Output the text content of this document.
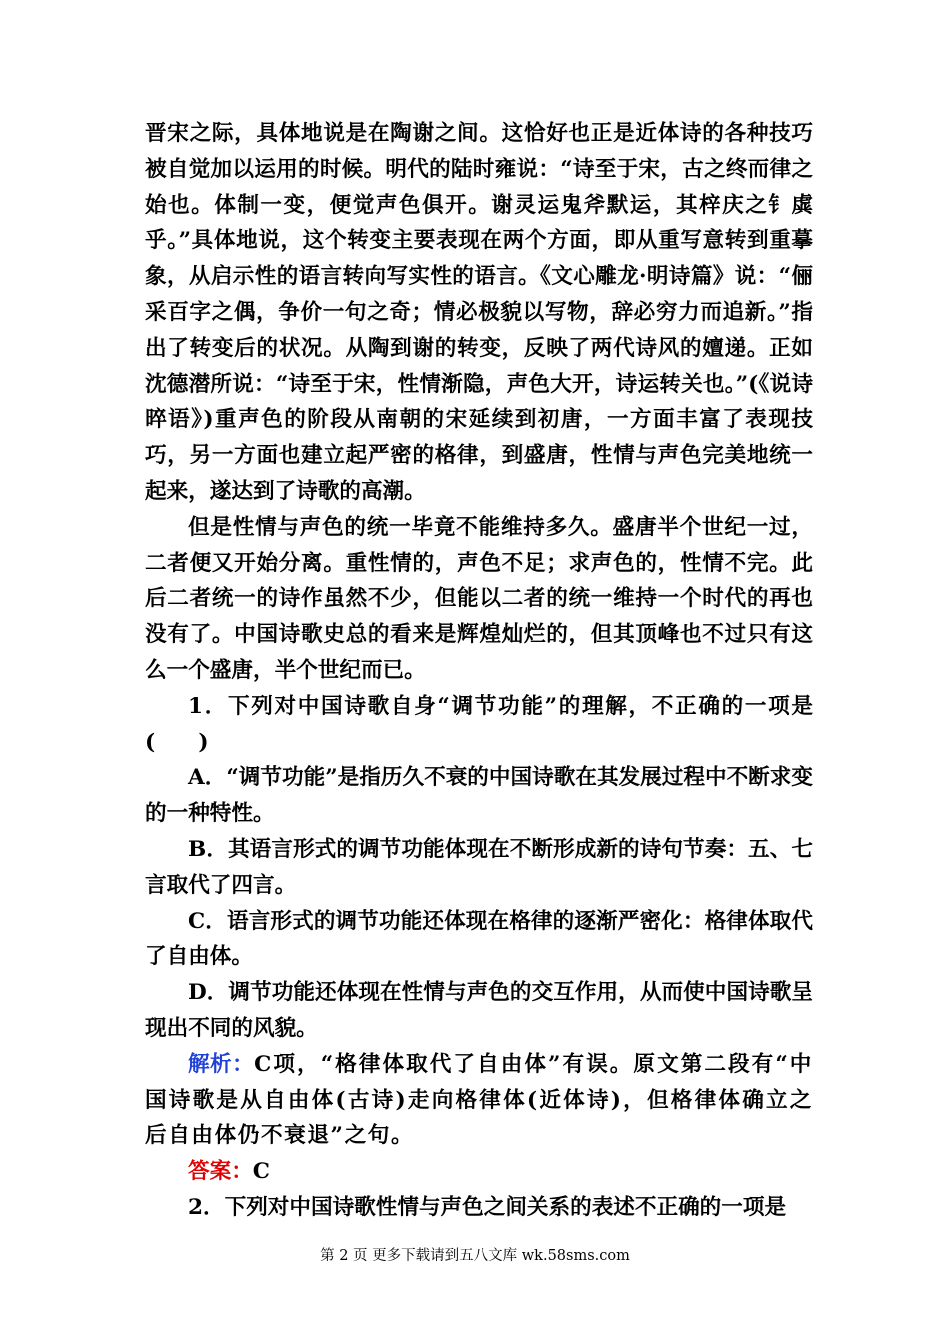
晋宋之际，具体地说是在陶谢之间。这恰好也正是近体诗的各种技巧被自觉加以运用的时候。明代的陆时雍说：“诗至于宋，古之终而律之始也。体制一变，便觉声色俱开。谢灵运鬼斧默运，其梓庆之钅虡乎。”具体地说，这个转变主要表现在两个方面，即从重写意转到重摹象，从启示性的语言转向写实性的语言。《文心雕龙·明诗篇》说：“俪采百字之偶，争价一句之奇；情必极貌以写物，辞必穷力而追新。”指出了转变后的状况。从陶到谢的转变，反映了两代诗风的嬗递。正如沈德潜所说：“诗至于宋，性情渐隐，声色大开，诗运转关也。”(《说诗晬语》)重声色的阶段从南朝的宋延续到初唐，一方面丰富了表现技巧，另一方面也建立起严密的格律，到盛唐，性情与声色完美地统一起来，遂达到了诗歌的高潮。

但是性情与声色的统一毕竟不能维持多久。盛唐半个世纪一过，二者便又开始分离。重性情的，声色不足；求声色的，性情不完。此后二者统一的诗作虽然不少，但能以二者的统一维持一个时代的再也没有了。中国诗歌史总的看来是辉煌灿烂的，但其顶峰也不过只有这么一个盛唐，半个世纪而已。

1．下列对中国诗歌自身“调节功能”的理解，不正确的一项是(　　)

A．“调节功能”是指历久不衰的中国诗歌在其发展过程中不断求变的一种特性。

B．其语言形式的调节功能体现在不断形成新的诗句节奏：五、七言取代了四言。

C．语言形式的调节功能还体现在格律的逐渐严密化：格律体取代了自由体。

D．调节功能还体现在性情与声色的交互作用，从而使中国诗歌呈现出不同的风貌。

解析：C项，“格律体取代了自由体”有误。原文第二段有“中国诗歌是从自由体(古诗)走向格律体(近体诗)，但格律体确立之后自由体仍不衰退”之句。

答案：C

2．下列对中国诗歌性情与声色之间关系的表述不正确的一项是

第 2 页 更多下载请到五八文库 wk.58sms.com
